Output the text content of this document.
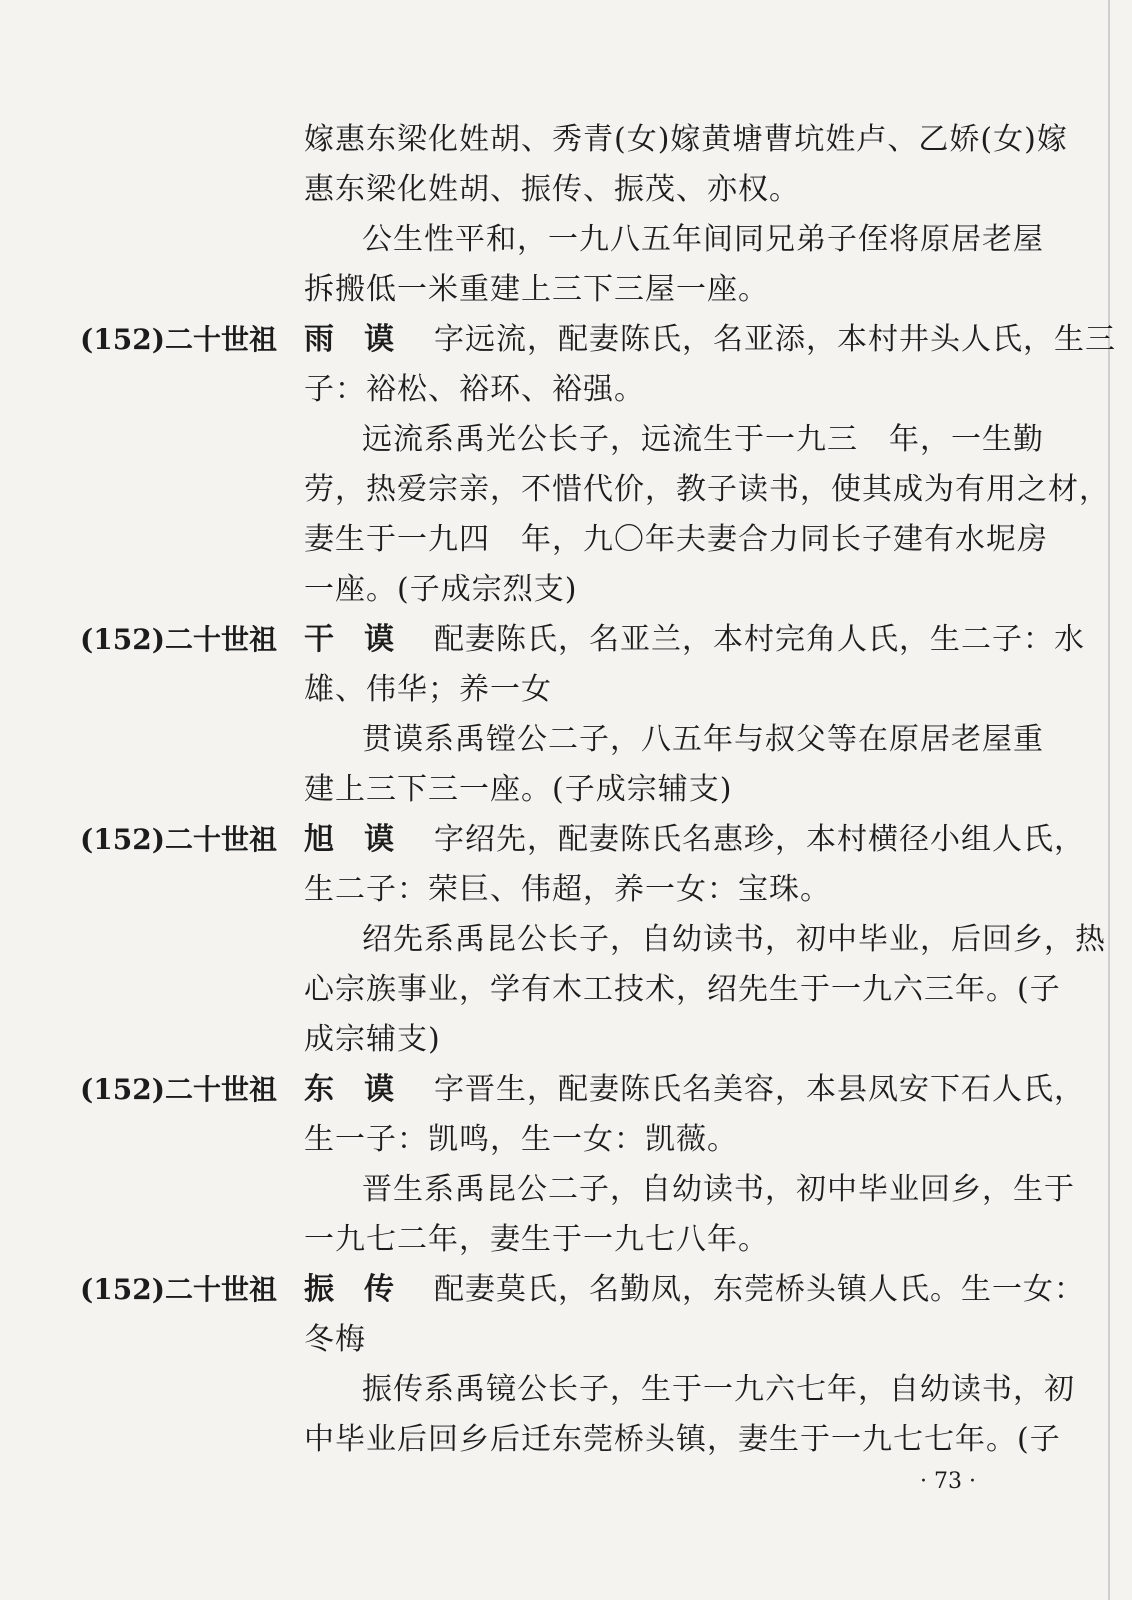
嫁惠东梁化姓胡、秀青(女)嫁黄塘曹坑姓卢、乙娇(女)嫁
惠东梁化姓胡、振传、振茂、亦权。
公生性平和，一九八五年间同兄弟子侄将原居老屋
拆搬低一米重建上三下三屋一座。
(152)二十世祖 雨谟 字远流，配妻陈氏，名亚添，本村井头人氏，生三
子：裕松、裕环、裕强。
远流系禹光公长子，远流生于一九三　年，一生勤
劳，热爱宗亲，不惜代价，教子读书，使其成为有用之材，
妻生于一九四　年，九〇年夫妻合力同长子建有水坭房
一座。(子成宗烈支)
(152)二十世祖 干谟 配妻陈氏，名亚兰，本村完角人氏，生二子：水
雄、伟华；养一女
贯谟系禹镗公二子，八五年与叔父等在原居老屋重
建上三下三一座。(子成宗辅支)
(152)二十世祖 旭谟 字绍先，配妻陈氏名惠珍，本村横径小组人氏，
生二子：荣巨、伟超，养一女：宝珠。
绍先系禹昆公长子，自幼读书，初中毕业，后回乡，热
心宗族事业，学有木工技术，绍先生于一九六三年。(子
成宗辅支)
(152)二十世祖 东谟 字晋生，配妻陈氏名美容，本县凤安下石人氏，
生一子：凯鸣，生一女：凯薇。
晋生系禹昆公二子，自幼读书，初中毕业回乡，生于
一九七二年，妻生于一九七八年。
(152)二十世祖 振传 配妻莫氏，名勤凤，东莞桥头镇人氏。生一女：
冬梅
振传系禹镜公长子，生于一九六七年，自幼读书，初
中毕业后回乡后迁东莞桥头镇，妻生于一九七七年。(子
· 73 ·
